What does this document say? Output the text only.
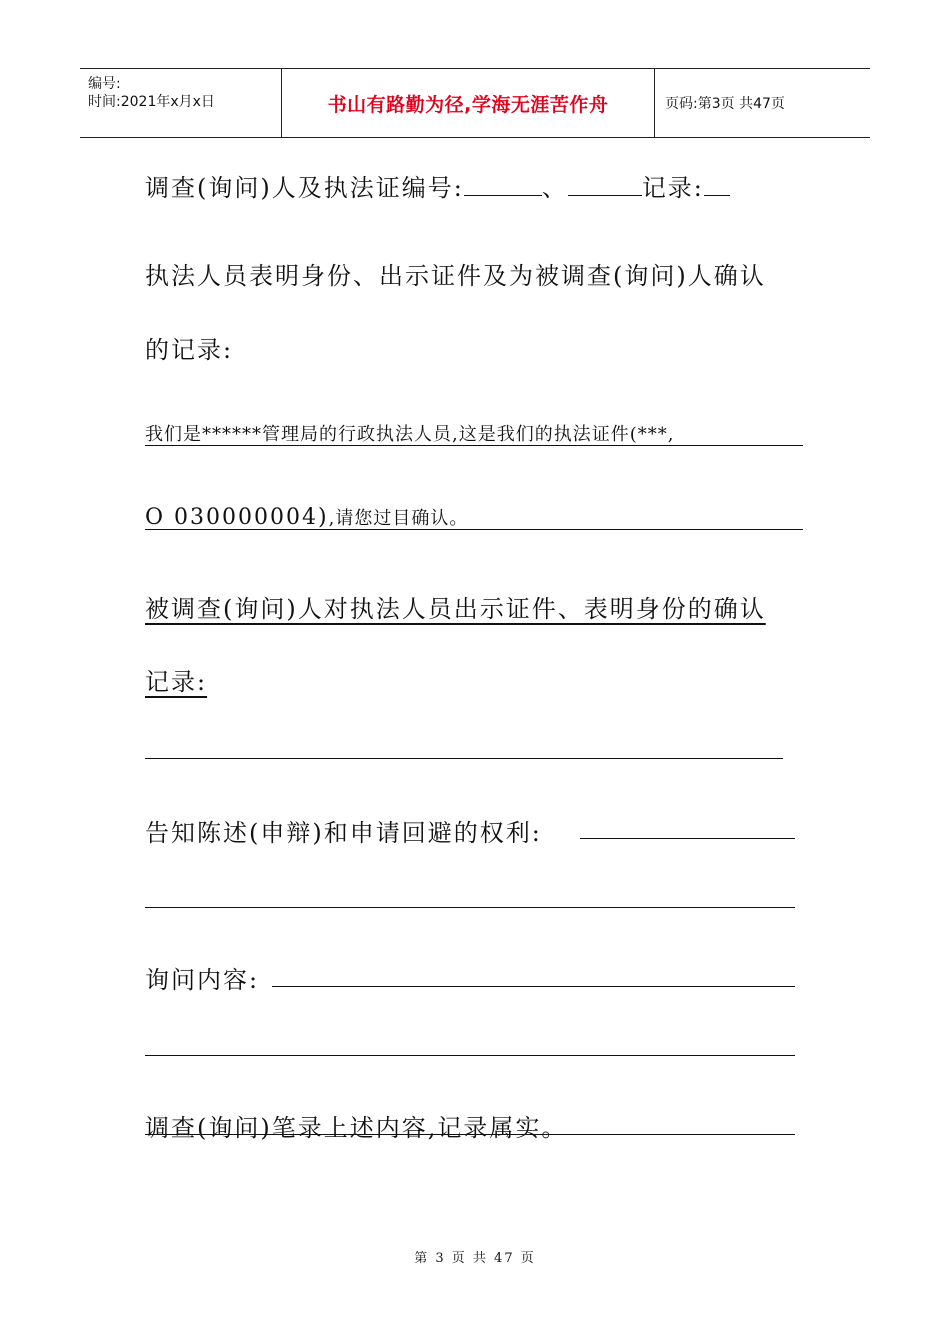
编号:
时间:2021年x月x日	书山有路勤为径,学海无涯苦作舟	页码:第3页 共47页
调查(询问)人及执法证编号:	、	记录:
执法人员表明身份、出示证件及为被调查(询问)人确认
的记录:
我们是******管理局的行政执法人员,这是我们的执法证件(***,
O 030000004),请您过目确认。
被调查(询问)人对执法人员出示证件、表明身份的确认
记录:
告知陈述(申辩)和申请回避的权利:
询问内容:
调查(询问)笔录上述内容,记录属实。
第 3 页 共 47 页
